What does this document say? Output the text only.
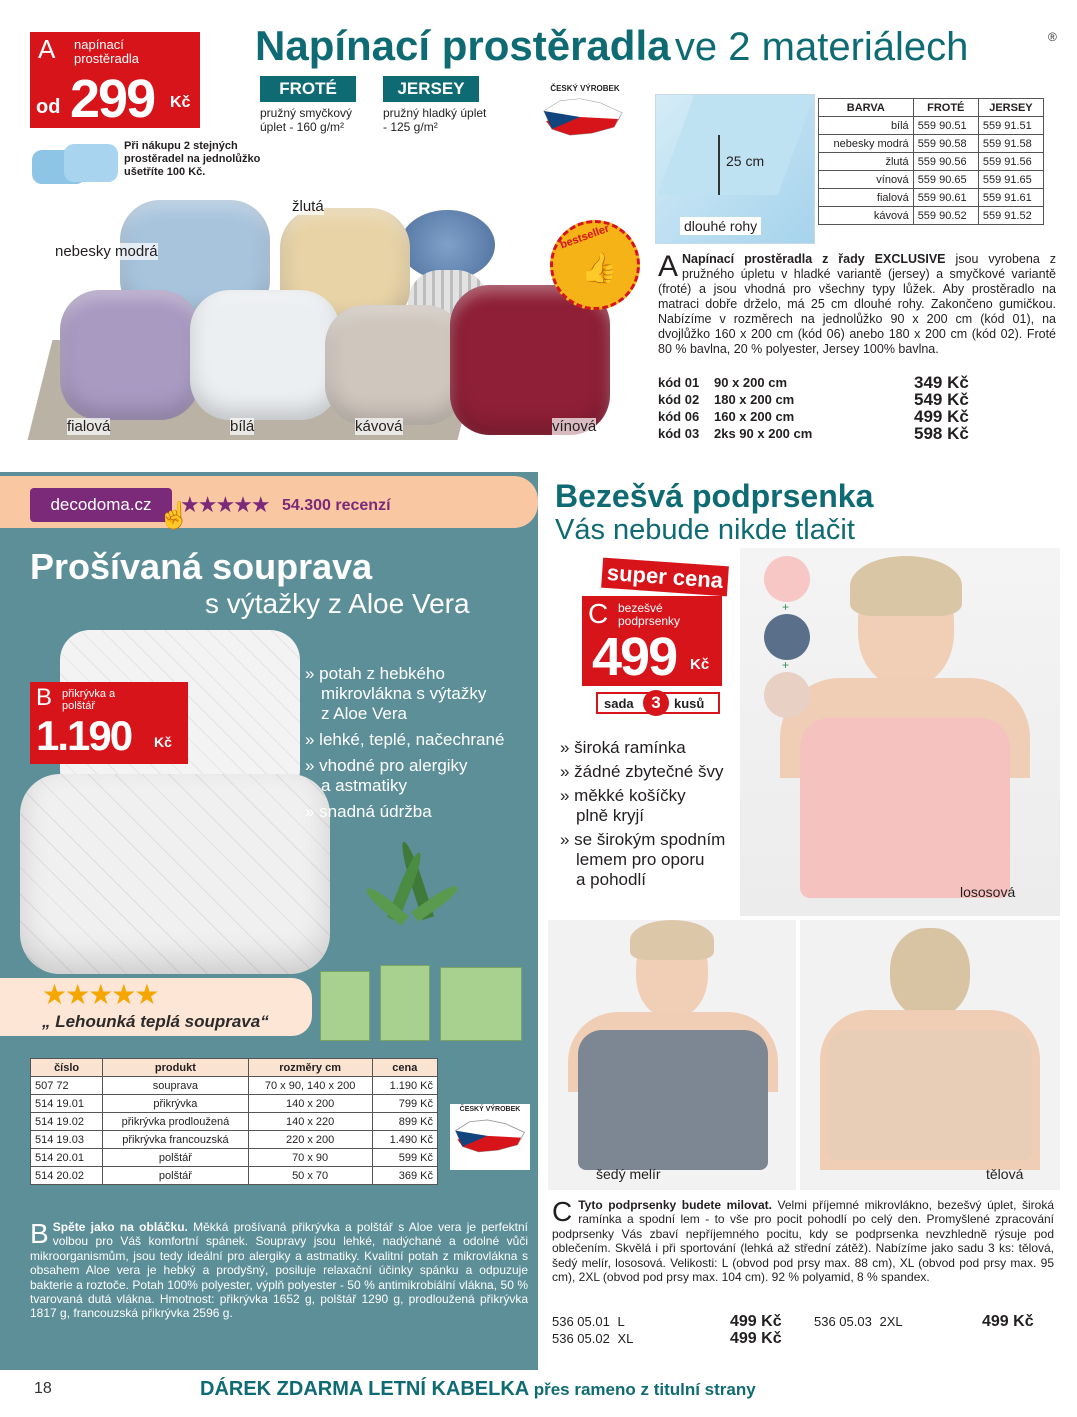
A napínací prostěradla
od 299 Kč
Napínací prostěradla ve 2 materiálech	®
FROTÉ	JERSEY
pružný smyčkový úplet - 160 g/m²
pružný hladký úplet - 125 g/m²
ČESKÝ VÝROBEK
Při nákupu 2 stejných prostěradel na jednolůžko ušetříte 100 Kč.
25 cm
dlouhé rohy
BARVA	FROTÉ	JERSEY
bílá	559 90.51	559 91.51
nebesky modrá	559 90.58	559 91.58
žlutá	559 90.56	559 91.56
vínová	559 90.65	559 91.65
fialová	559 90.61	559 91.61
kávová	559 90.52	559 91.52
bestseller
👍
nebesky modrá
žlutá
fialová	bílá	kávová	vínová
A Napínací prostěradla z řady EXCLUSIVE jsou vyrobena z pružného úpletu v hladké variantě (jersey) a smyčkové variantě (froté) a jsou vhodná pro všechny typy lůžek. Aby prostěradlo na matraci dobře drželo, má 25 cm dlouhé rohy. Zakončeno gumičkou. Nabízíme v rozměrech na jednolůžko 90 x 200 cm (kód 01), na dvojlůžko 160 x 200 cm (kód 06) anebo 180 x 200 cm (kód 02). Froté 80 % bavlna, 20 % polyester, Jersey 100% bavlna.
kód 01	90 x 200 cm	349 Kč
kód 02	180 x 200 cm	549 Kč
kód 06	160 x 200 cm	499 Kč
kód 03	2ks 90 x 200 cm	598 Kč
decodoma.cz ☝
★★★★★ 54.300 recenzí
Prošívaná souprava
s výtažky z Aloe Vera
B přikrývka a polštář
1.190 Kč
» potah z hebkého
mikrovlákna s výtažky
z Aloe Vera
» lehké, teplé, načechrané
» vhodné pro alergiky
a astmatiky
» snadná údržba
★★★★★
„ Lehounká teplá souprava“
číslo	produkt	rozměry cm	cena
507 72	souprava	70 x 90, 140 x 200	1.190 Kč
514 19.01	přikrývka	140 x 200	799 Kč
514 19.02	přikrývka prodloužená	140 x 220	899 Kč
514 19.03	přikrývka francouzská	220 x 200	1.490 Kč
514 20.01	polštář	70 x 90	599 Kč
514 20.02	polštář	50 x 70	369 Kč
ČESKÝ VÝROBEK
B Spěte jako na obláčku. Měkká prošívaná přikrývka a polštář s Aloe vera je perfektní volbou pro Váš komfortní spánek. Soupravy jsou lehké, nadýchané a odolné vůči mikroorganismům, jsou tedy ideální pro alergiky a astmatiky. Kvalitní potah z mikrovlákna s obsahem Aloe vera je hebký a prodyšný, posiluje relaxační účinky spánku a odpuzuje bakterie a roztoče. Potah 100% polyester, výplň polyester - 50 % antimikrobiální vlákna, 50 % tvarovaná dutá vlákna. Hmotnost: přikrývka 1652 g, polštář 1290 g, prodloužená přikrývka 1817 g, francouzská přikrývka 2596 g.
Bezešvá podprsenka
Vás nebude nikde tlačit
+
+
super cena
C bezešvé podprsenky
499 Kč
sada	3	kusů
» široká ramínka
» žádné zbytečné švy
» měkké košíčky
plně kryjí
» se širokým spodním
lemem pro oporu
a pohodlí
lososová
šedý melír	tělová
C Tyto podprsenky budete milovat. Velmi příjemné mikrovlákno, bezešvý úplet, široká ramínka a spodní lem - to vše pro pocit pohodlí po celý den. Promyšlené zpracování podprsenky Vás zbaví nepříjemného pocitu, kdy se podprsenka nevzhledně rýsuje pod oblečením. Skvělá i při sportování (lehká až střední zátěž). Nabízíme jako sadu 3 ks: tělová, šedý melír, lososová. Velikosti: L (obvod pod prsy max. 88 cm), XL (obvod pod prsy max. 95 cm), 2XL (obvod pod prsy max. 104 cm). 92 % polyamid, 8 % spandex.
536 05.01 L	499 Kč 536 05.03 2XL	499 Kč
536 05.02 XL	499 Kč
18	DÁREK ZDARMA LETNÍ KABELKA přes rameno z titulní strany
